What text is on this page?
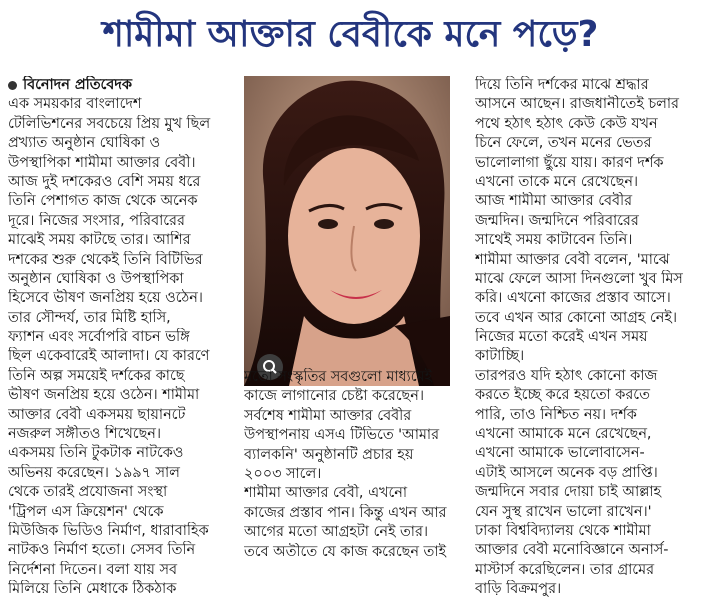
শামীমা আক্তার বেবীকে মনে পড়ে?
বিনোদন প্রতিবেদক
এক সময়কার বাংলাদেশ
টেলিভিশনের সবচেয়ে প্রিয় মুখ ছিল
প্রখ্যাত অনুষ্ঠান ঘোষিকা ও
উপস্থাপিকা শামীমা আক্তার বেবী।
আজ দুই দশকেরও বেশি সময় ধরে
তিনি পেশাগত কাজ থেকে অনেক
দূরে। নিজের সংসার, পরিবারের
মাঝেই সময় কাটছে তার। আশির
দশকের শুরু থেকেই তিনি বিটিভির
অনুষ্ঠান ঘোষিকা ও উপস্থাপিকা
হিসেবে ভীষণ জনপ্রিয় হয়ে ওঠেন।
তার সৌন্দর্য, তার মিষ্টি হাসি,
ফ্যাশন এবং সর্বোপরি বাচন ভঙ্গি
ছিল একেবারেই আলাদা। যে কারণে
তিনি অল্প সময়েই দর্শকের কাছে
ভীষণ জনপ্রিয় হয়ে ওঠেন। শামীমা
আক্তার বেবী একসময় ছায়ানটে
নজরুল সঙ্গীতও শিখেছেন।
একসময় তিনি টুকটাক নাটকেও
অভিনয় করেছেন। ১৯৯৭ সাল
থেকে তারই প্রযোজনা সংস্থা
'ট্রিপল এস ক্রিয়েশন' থেকে
মিউজিক ভিডিও নির্মাণ, ধারাবাহিক
নাটকও নির্মাণ হতো। সেসব তিনি
নির্দেশনা দিতেন। বলা যায় সব
মিলিয়ে তিনি মেধাকে ঠিকঠাক
মতো সংস্কৃতির সবগুলো মাধ্যমেই
কাজে লাগানোর চেষ্টা করেছেন।
সর্বশেষ শামীমা আক্তার বেবীর
উপস্থাপনায় এসএ টিভিতে 'আমার
ব্যালকনি' অনুষ্ঠানটি প্রচার হয়
২০০৩ সালে।
শামীমা আক্তার বেবী, এখনো
কাজের প্রস্তাব পান। কিন্তু এখন আর
আগের মতো আগ্রহটা নেই তার।
তবে অতীতে যে কাজ করেছেন তাই
দিয়ে তিনি দর্শকের মাঝে শ্রদ্ধার
আসনে আছেন। রাজধানীতেই চলার
পথে হঠাৎ হঠাৎ কেউ কেউ যখন
চিনে ফেলে, তখন মনের ভেতর
ভালোলাগা ছুঁয়ে যায়। কারণ দর্শক
এখনো তাকে মনে রেখেছেন।
আজ শামীমা আক্তার বেবীর
জন্মদিন। জন্মদিনে পরিবারের
সাথেই সময় কাটাবেন তিনি।
শামীমা আক্তার বেবী বলেন, 'মাঝে
মাঝে ফেলে আসা দিনগুলো খুব মিস
করি। এখনো কাজের প্রস্তাব আসে।
তবে এখন আর কোনো আগ্রহ নেই।
নিজের মতো করেই এখন সময়
কাটাচ্ছি।
তারপরও যদি হঠাৎ কোনো কাজ
করতে ইচ্ছে করে হয়তো করতে
পারি, তাও নিশ্চিত নয়। দর্শক
এখনো আমাকে মনে রেখেছেন,
এখনো আমাকে ভালোবাসেন-
এটাই আসলে অনেক বড় প্রাপ্তি।
জন্মদিনে সবার দোয়া চাই আল্লাহ
যেন সুস্থ রাখেন ভালো রাখেন।'
ঢাকা বিশ্ববিদ্যালয় থেকে শামীমা
আক্তার বেবী মনোবিজ্ঞানে অনার্স-
মাস্টার্স করেছিলেন। তার গ্রামের
বাড়ি বিক্রমপুর।
